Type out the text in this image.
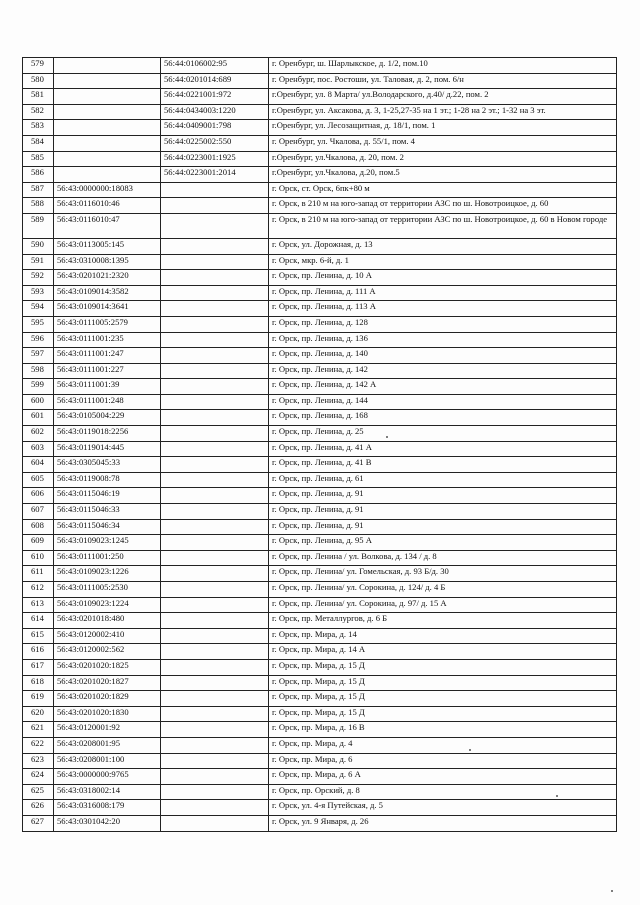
579		56:44:0106002:95	г. Оренбург, ш. Шарлыкское, д. 1/2, пом.10
580		56:44:0201014:689	г. Оренбург, пос. Ростоши, ул. Таловая, д. 2, пом. 6/н
581		56:44:0221001:972	г.Оренбург, ул. 8 Марта/ ул.Володарского, д.40/ д.22, пом. 2
582		56:44:0434003:1220	г.Оренбург, ул. Аксакова, д. 3, 1-25,27-35 на 1 эт.; 1-28 на 2 эт.; 1-32 на 3 эт.
583		56:44:0409001:798	г.Оренбург, ул. Лесозащитная, д. 18/1, пом. 1
584		56:44:0225002:550	г. Оренбург, ул. Чкалова, д. 55/1, пом. 4
585		56:44:0223001:1925	г.Оренбург, ул.Чкалова, д. 20, пом. 2
586		56:44:0223001:2014	г.Оренбург, ул.Чкалова, д.20, пом.5
587	56:43:0000000:18083		г. Орск, ст. Орск, 6пк+80 м
588	56:43:0116010:46		г. Орск, в 210 м на юго-запад от территории АЗС по ш. Новотроицкое, д. 60
589	56:43:0116010:47		г. Орск, в 210 м на юго-запад от территории АЗС по ш. Новотроицкое, д. 60 в Новом городе
590	56:43:0113005:145		г. Орск, ул. Дорожная, д. 13
591	56:43:0310008:1395		г. Орск, мкр. 6-й, д. 1
592	56:43:0201021:2320		г. Орск, пр. Ленина, д. 10 А
593	56:43:0109014:3582		г. Орск, пр. Ленина, д. 111 А
594	56:43:0109014:3641		г. Орск, пр. Ленина, д. 113 А
595	56:43:0111005:2579		г. Орск, пр. Ленина, д. 128
596	56:43:0111001:235		г. Орск, пр. Ленина, д. 136
597	56:43:0111001:247		г. Орск, пр. Ленина, д. 140
598	56:43:0111001:227		г. Орск, пр. Ленина, д. 142
599	56:43:0111001:39		г. Орск, пр. Ленина, д. 142 А
600	56:43:0111001:248		г. Орск, пр. Ленина, д. 144
601	56:43:0105004:229		г. Орск, пр. Ленина, д. 168
602	56:43:0119018:2256		г. Орск, пр. Ленина, д. 25
603	56:43:0119014:445		г. Орск, пр. Ленина, д. 41 А
604	56:43:0305045:33		г. Орск, пр. Ленина, д. 41 В
605	56:43:0119008:78		г. Орск, пр. Ленина, д. 61
606	56:43:0115046:19		г. Орск, пр. Ленина, д. 91
607	56:43:0115046:33		г. Орск, пр. Ленина, д. 91
608	56:43:0115046:34		г. Орск, пр. Ленина, д. 91
609	56:43:0109023:1245		г. Орск, пр. Ленина, д. 95 А
610	56:43:0111001:250		г. Орск, пр. Ленина / ул. Волкова, д. 134 / д. 8
611	56:43:0109023:1226		г. Орск, пр. Ленина/ ул. Гомельская, д. 93 Б/д. 30
612	56:43:0111005:2530		г. Орск, пр. Ленина/ ул. Сорокина, д. 124/ д. 4 Б
613	56:43:0109023:1224		г. Орск, пр. Ленина/ ул. Сорокина, д. 97/ д. 15 А
614	56:43:0201018:480		г. Орск, пр. Металлургов, д. 6 Б
615	56:43:0120002:410		г. Орск, пр. Мира, д. 14
616	56:43:0120002:562		г. Орск, пр. Мира, д. 14 А
617	56:43:0201020:1825		г. Орск, пр. Мира, д. 15 Д
618	56:43:0201020:1827		г. Орск, пр. Мира, д. 15 Д
619	56:43:0201020:1829		г. Орск, пр. Мира, д. 15 Д
620	56:43:0201020:1830		г. Орск, пр. Мира, д. 15 Д
621	56:43:0120001:92		г. Орск, пр. Мира, д. 16 В
622	56:43:0208001:95		г. Орск, пр. Мира, д. 4
623	56:43:0208001:100		г. Орск, пр. Мира, д. 6
624	56:43:0000000:9765		г. Орск, пр. Мира, д. 6 А
625	56:43:0318002:14		г. Орск, пр. Орский, д. 8
626	56:43:0316008:179		г. Орск, ул. 4-я Путейская, д. 5
627	56:43:0301042:20		г. Орск, ул. 9 Января, д. 26
